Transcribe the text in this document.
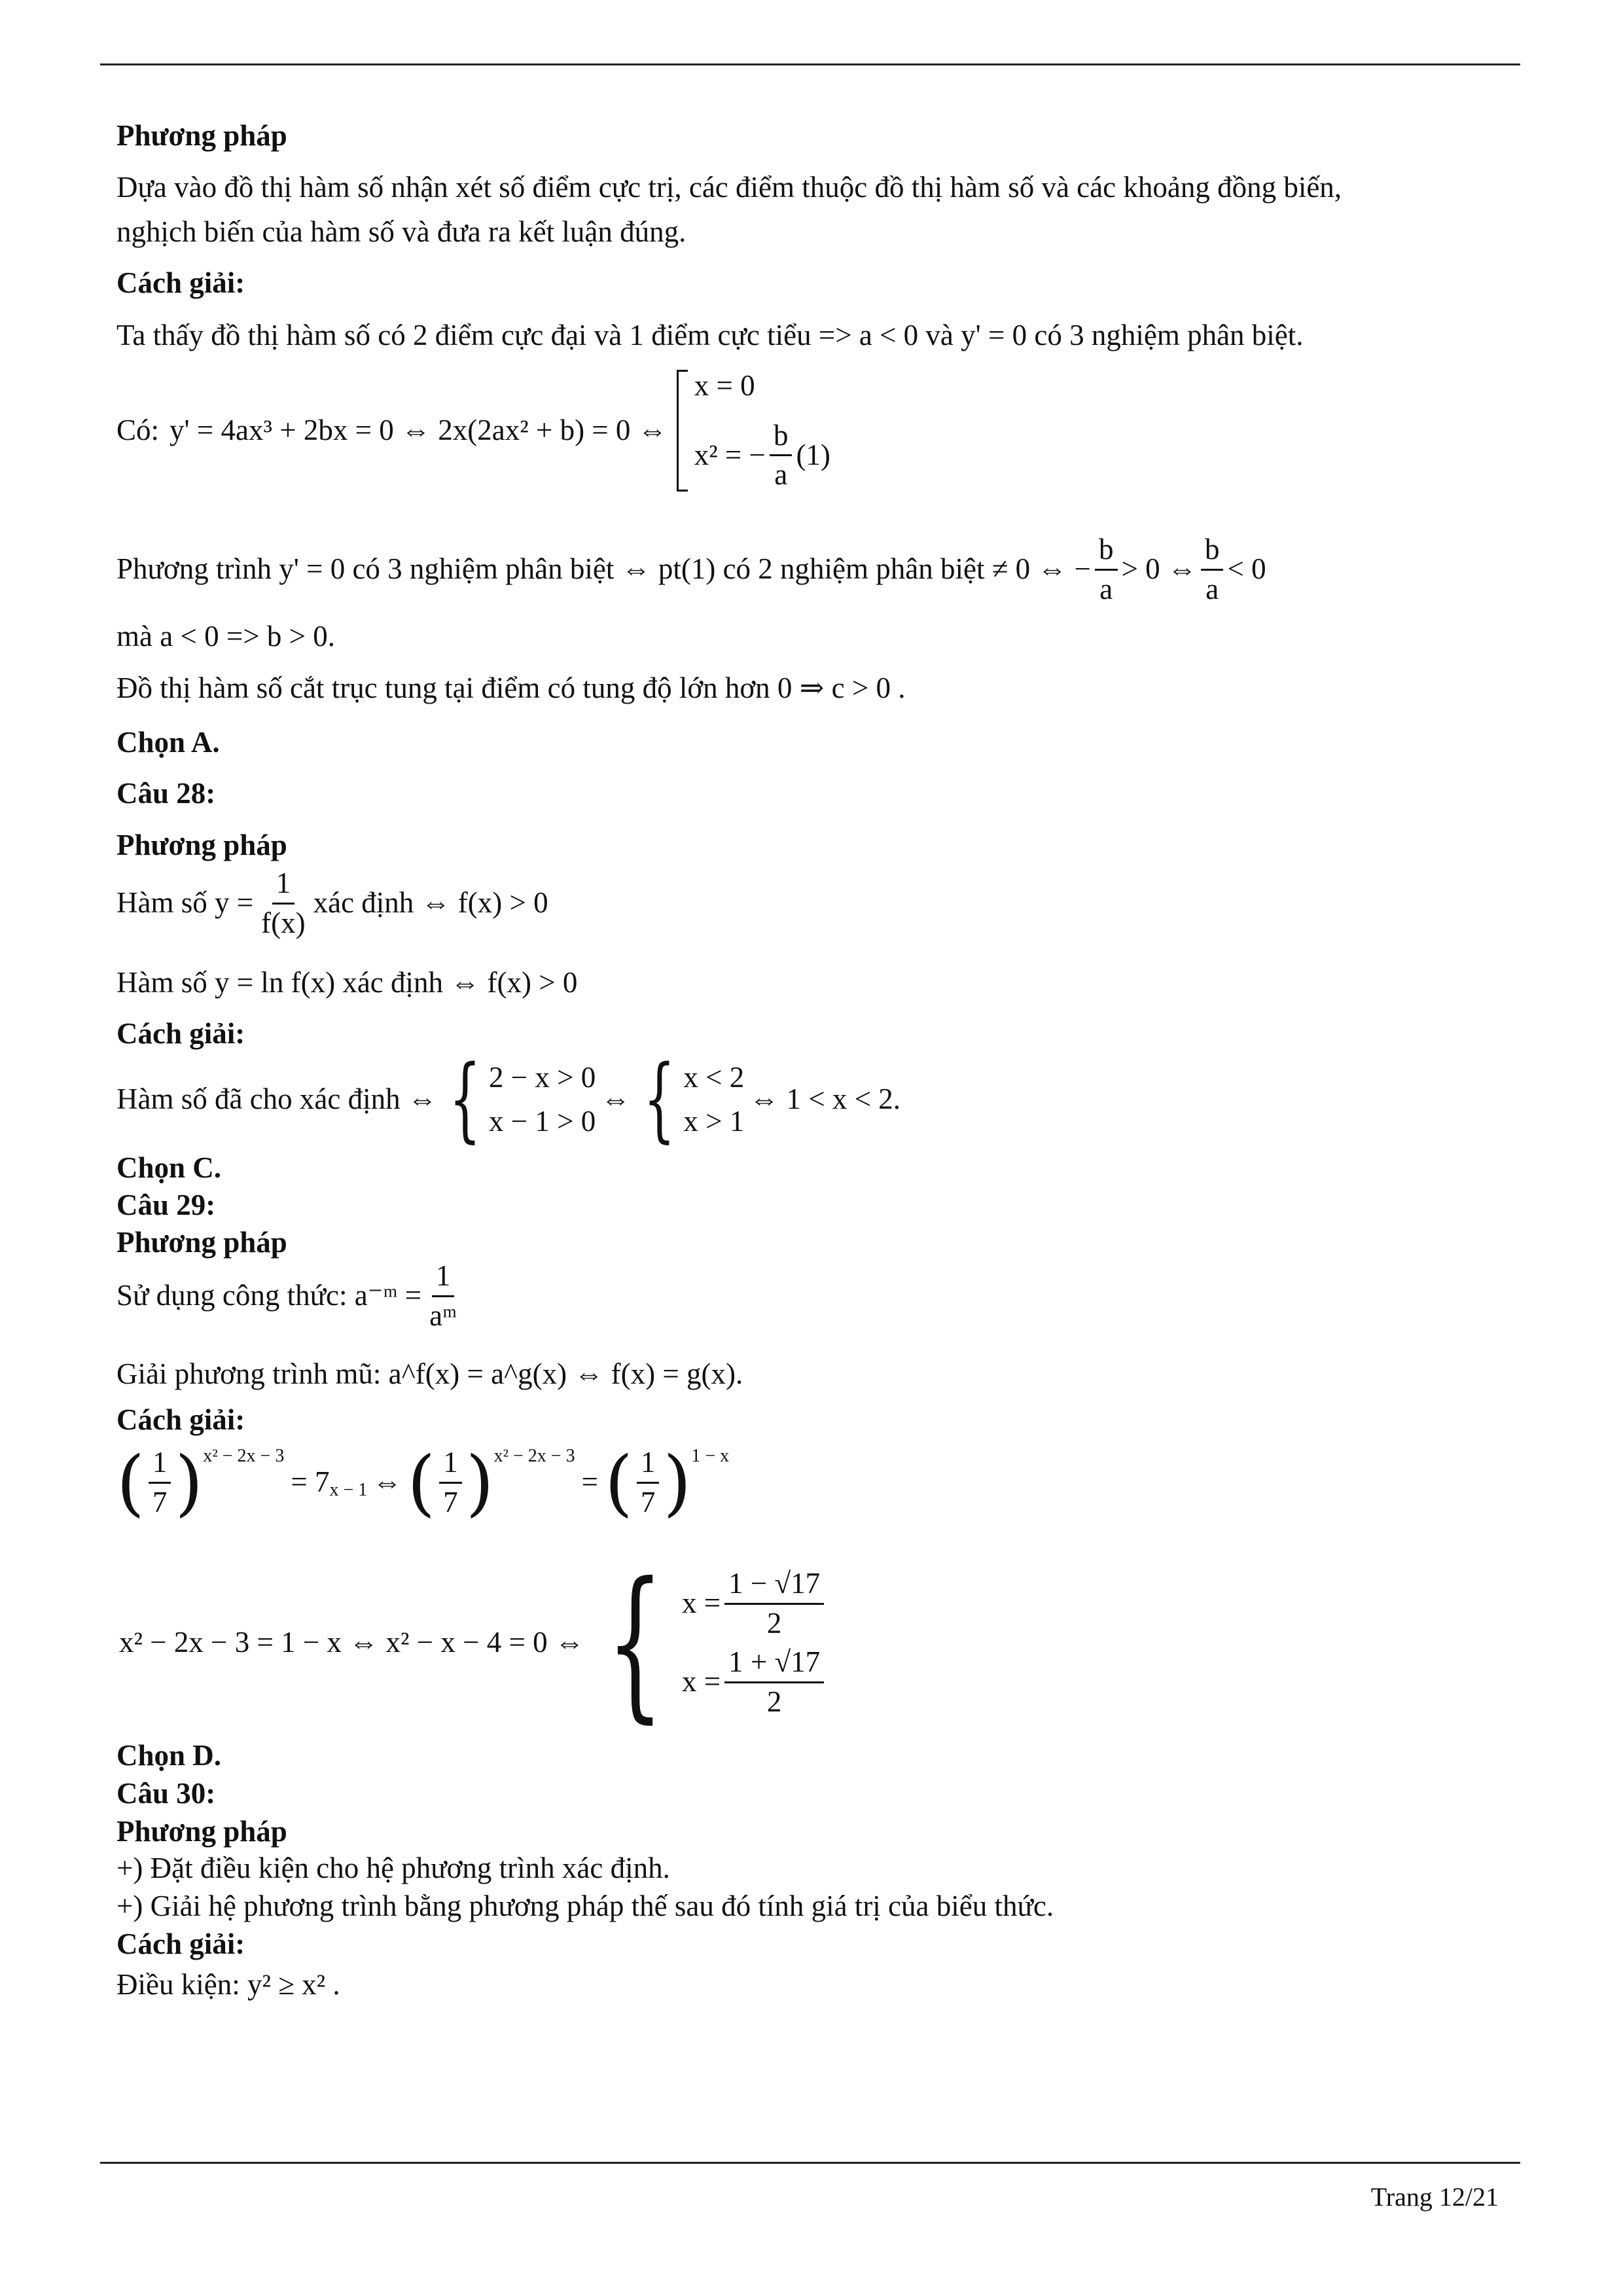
Phương pháp
Dựa vào đồ thị hàm số nhận xét số điểm cực trị, các điểm thuộc đồ thị hàm số và các khoảng đồng biến,
nghịch biến của hàm số và đưa ra kết luận đúng.
Cách giải:
Ta thấy đồ thị hàm số có 2 điểm cực đại và 1 điểm cực tiểu => a < 0 và y' = 0 có 3 nghiệm phân biệt.
Có: y' = 4ax³ + 2bx = 0 ⇔ 2x(2ax² + b) = 0 ⇔
x = 0
x² = − $\frac{b}{a} (1)$
Phương trình y' = 0 có 3 nghiệm phân biệt ⇔ pt(1) có 2 nghiệm phân biệt ≠ 0 ⇔ − $\frac{b}{a} > 0$ ⇔ $\frac{b}{a} < 0$
mà a < 0 => b > 0.
Đồ thị hàm số cắt trục tung tại điểm có tung độ lớn hơn 0 ⇒ c > 0 .
Chọn A.
Câu 28:
Phương pháp
Hàm số $y = \frac{1}{f(x)}$ xác định ⇔ f(x) > 0
Hàm số y = ln f(x) xác định ⇔ f(x) > 0
Cách giải:
Hàm số đã cho xác định ⇔ { 2 − x > 0
x − 1 > 0
⇔ { x < 2
x > 1
⇔ 1 < x < 2.
Chọn C.
Câu 29:
Phương pháp
Sử dụng công thức: a⁻ᵐ = $\frac{1}{\text{aᵐ}}$
Giải phương trình mũ: a^f(x) = a^g(x) ⇔ f(x) = g(x).
Cách giải:
( $\frac{1}{7}$ ) x² − 2x − 3
= 7 x − 1 ⇔ ( $\frac{1}{7}$ ) x² − 2x − 3
= ( $\frac{1}{7}$ ) 1 − x
x² − 2x − 3 = 1 − x ⇔ x² − x − 4 = 0 ⇔ { $x = \frac{1 - √17}{2}$
$x = \frac{1 + √17}{2}$
Chọn D.
Câu 30:
Phương pháp
+) Đặt điều kiện cho hệ phương trình xác định.
+) Giải hệ phương trình bằng phương pháp thế sau đó tính giá trị của biểu thức.
Cách giải:
Điều kiện: y² ≥ x² .
Trang 12/21
